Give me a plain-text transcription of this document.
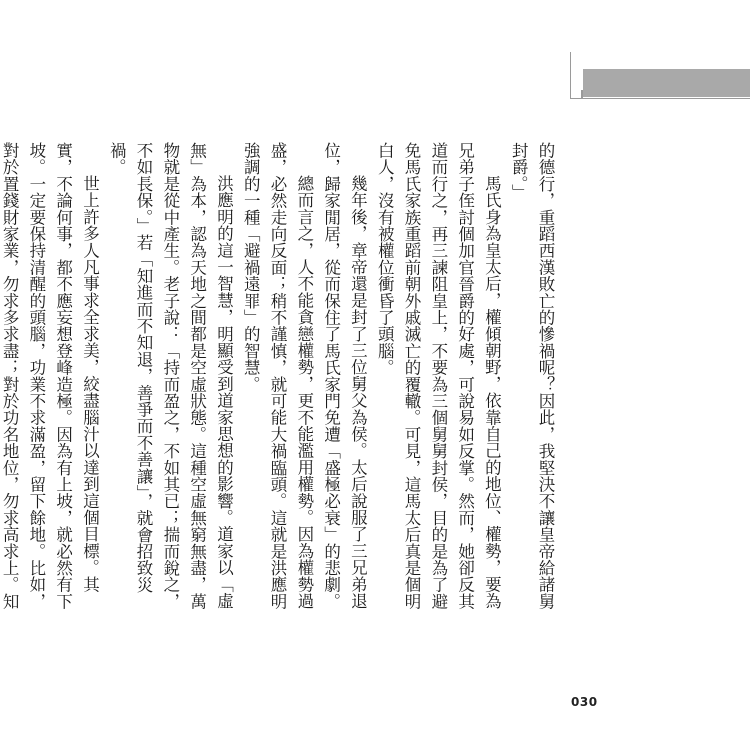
的德行，重蹈西漢敗亡的慘禍呢？因此，我堅決不讓皇帝給諸舅封爵。」

馬氏身為皇太后，權傾朝野，依靠自己的地位、權勢，要為兄弟子侄討個加官晉爵的好處，可說易如反掌。然而，她卻反其道而行之，再三諫阻皇上，不要為三個舅舅封侯，目的是為了避免馬氏家族重蹈前朝外戚滅亡的覆轍。可見，這馬太后真是個明白人，沒有被權位衝昏了頭腦。

幾年後，章帝還是封了三位舅父為侯。太后說服了三兄弟退位，歸家閒居，從而保住了馬氏家門免遭「盛極必衰」的悲劇。

總而言之，人不能貪戀權勢，更不能濫用權勢。因為權勢過盛，必然走向反面；稍不謹慎，就可能大禍臨頭。這就是洪應明強調的一種「避禍遠罪」的智慧。

洪應明的這一智慧，明顯受到道家思想的影響。道家以「虛無」為本，認為天地之間都是空虛狀態。這種空虛無窮無盡，萬物就是從中產生。老子說：「持而盈之，不如其已；揣而銳之，不如長保。」若「知進而不知退，善爭而不善讓」，就會招致災禍。

世上許多人凡事求全求美，絞盡腦汁以達到這個目標。其實，不論何事，都不應妄想登峰造極。因為有上坡，就必然有下坡。一定要保持清醒的頭腦，功業不求滿盈，留下餘地。比如，對於置錢財家業，勿求多求盡；對於功名地位，勿求高求上。知

030
